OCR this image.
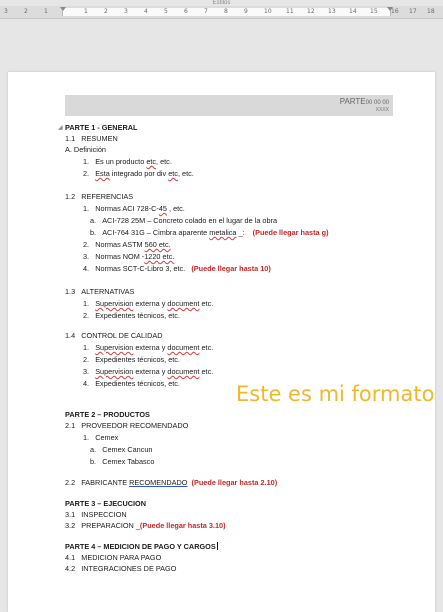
Estilos
3	2	1	1	2	3	4	5	6	7	8	9	10 11 12 13 14 15 16 17 18
PARTE00 00 00
XXXX
◢ PARTE 1 - GENERAL
1.1 RESUMEN
A. Definición
1. Es un producto etc, etc.
2. Esta integrado por div etc, etc.
1.2 REFERENCIAS
1. Normas ACI 728-C-45 , etc.
a. ACI-728 25M – Concreto colado en el lugar de la obra
b. ACI-764 31G – Cimbra aparente metalica _: (Puede llegar hasta g)
2. Normas ASTM 560 etc.
3. Normas NOM -1220 etc.
4. Normas SCT-C-Libro 3, etc. (Puede llegar hasta 10)
1.3 ALTERNATIVAS
1. Supervision externa y document etc.
2. Expedientes técnicos, etc.
1.4 CONTROL DE CALIDAD
1. Supervision externa y document etc.
2. Expedientes técnicos, etc.
3. Supervision externa y document etc.
4. Expedientes técnicos, etc.	Este es mi formato
PARTE 2 – PRODUCTOS
2.1 PROVEEDOR RECOMENDADO
1. Cemex
a. Cemex Cancun
b. Cemex Tabasco
2.2 FABRICANTE RECOMENDADO (Puede llegar hasta 2.10)
PARTE 3 – EJECUCION
3.1 INSPECCION
3.2 PREPARACION _(Puede llegar hasta 3.10)
PARTE 4 – MEDICION DE PAGO Y CARGOS
4.1 MEDICION PARA PAGO
4.2 INTEGRACIONES DE PAGO
